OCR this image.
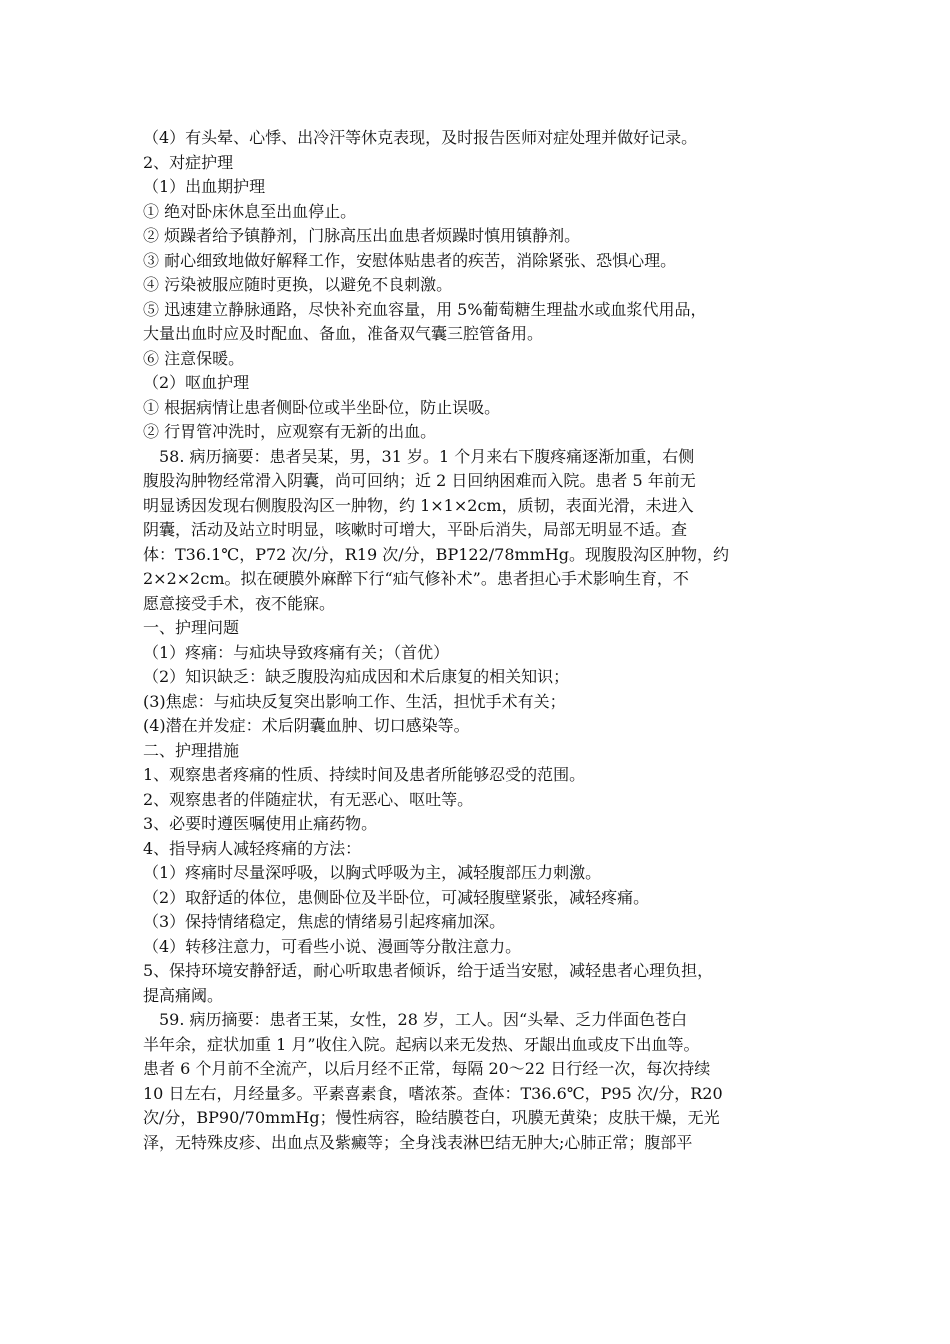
（4）有头晕、心悸、出冷汗等休克表现，及时报告医师对症处理并做好记录。
2、对症护理
（1）出血期护理
① 绝对卧床休息至出血停止。
② 烦躁者给予镇静剂，门脉高压出血患者烦躁时慎用镇静剂。
③ 耐心细致地做好解释工作，安慰体贴患者的疾苦，消除紧张、恐惧心理。
④ 污染被服应随时更换，以避免不良刺激。
⑤ 迅速建立静脉通路，尽快补充血容量，用 5%葡萄糖生理盐水或血浆代用品，
大量出血时应及时配血、备血，准备双气囊三腔管备用。
⑥ 注意保暖。
（2）呕血护理
① 根据病情让患者侧卧位或半坐卧位，防止误吸。
② 行胃管冲洗时，应观察有无新的出血。
58. 病历摘要：患者吴某，男，31 岁。1 个月来右下腹疼痛逐渐加重，右侧
腹股沟肿物经常滑入阴囊，尚可回纳；近 2 日回纳困难而入院。患者 5 年前无
明显诱因发现右侧腹股沟区一肿物，约 1×1×2cm，质韧，表面光滑，未进入
阴囊，活动及站立时明显，咳嗽时可增大，平卧后消失，局部无明显不适。查
体：T36.1℃，P72 次/分，R19 次/分，BP122/78mmHg。现腹股沟区肿物，约
2×2×2cm。拟在硬膜外麻醉下行“疝气修补术”。患者担心手术影响生育，不
愿意接受手术，夜不能寐。
一、护理问题
（1）疼痛：与疝块导致疼痛有关；（首优）
（2）知识缺乏：缺乏腹股沟疝成因和术后康复的相关知识；
(3)焦虑：与疝块反复突出影响工作、生活，担忧手术有关；
(4)潜在并发症：术后阴囊血肿、切口感染等。
二、护理措施
1、观察患者疼痛的性质、持续时间及患者所能够忍受的范围。
2、观察患者的伴随症状，有无恶心、呕吐等。
3、必要时遵医嘱使用止痛药物。
4、指导病人减轻疼痛的方法：
（1）疼痛时尽量深呼吸，以胸式呼吸为主，减轻腹部压力刺激。
（2）取舒适的体位，患侧卧位及半卧位，可减轻腹壁紧张，减轻疼痛。
（3）保持情绪稳定，焦虑的情绪易引起疼痛加深。
（4）转移注意力，可看些小说、漫画等分散注意力。
5、保持环境安静舒适，耐心听取患者倾诉，给于适当安慰，减轻患者心理负担，
提高痛阈。
59. 病历摘要：患者王某，女性，28 岁，工人。因“头晕、乏力伴面色苍白
半年余，症状加重 1 月”收住入院。起病以来无发热、牙龈出血或皮下出血等。
患者 6 个月前不全流产，以后月经不正常，每隔 20～22 日行经一次，每次持续
10 日左右，月经量多。平素喜素食，嗜浓茶。查体：T36.6℃，P95 次/分，R20
次/分，BP90/70mmHg；慢性病容，睑结膜苍白，巩膜无黄染；皮肤干燥，无光
泽，无特殊皮疹、出血点及紫癜等；全身浅表淋巴结无肿大;心肺正常；腹部平
